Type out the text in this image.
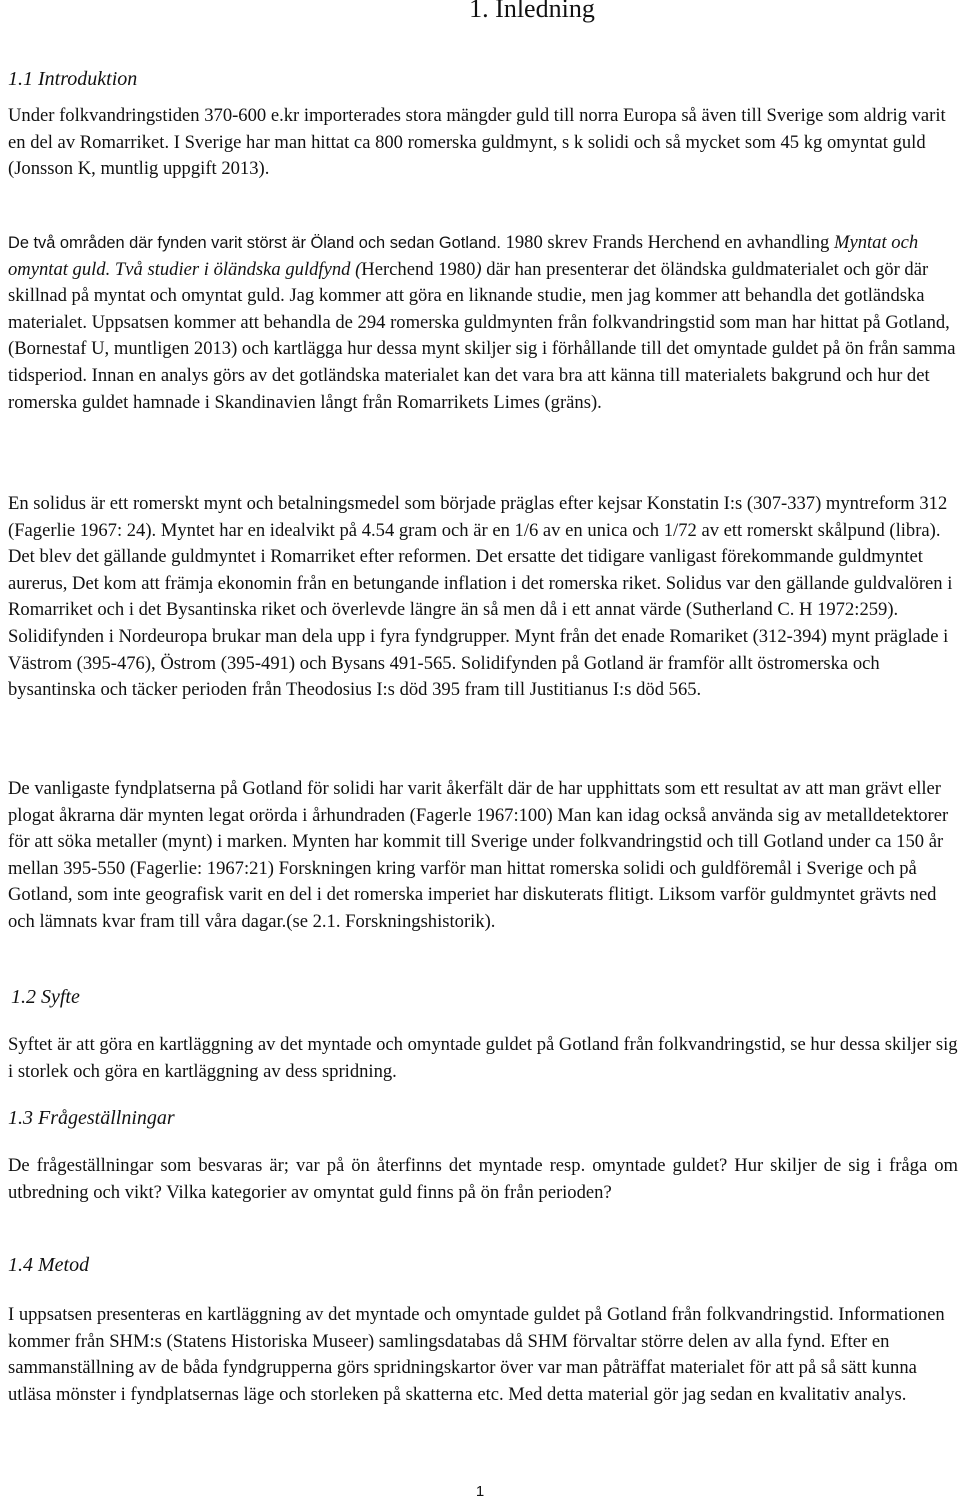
1. Inledning
1.1 Introduktion

Under folkvandringstiden 370-600 e.kr importerades stora mängder guld till norra Europa så även till Sverige som aldrig varit en del av Romarriket. I Sverige har man hittat ca 800 romerska guldmynt, s k solidi och så mycket som 45 kg omyntat guld (Jonsson K, muntlig uppgift 2013).

De två områden där fynden varit störst är Öland och sedan Gotland. 1980 skrev Frands Herchend en avhandling Myntat och omyntat guld. Två studier i öländska guldfynd (Herchend 1980) där han presenterar det öländska guldmaterialet och gör där skillnad på myntat och omyntat guld. Jag kommer att göra en liknande studie, men jag kommer att behandla det gotländska materialet. Uppsatsen kommer att behandla de 294 romerska guldmynten från folkvandringstid som man har hittat på Gotland, (Bornestaf U, muntligen 2013) och kartlägga hur dessa mynt skiljer sig i förhållande till det omyntade guldet på ön från samma tidsperiod. Innan en analys görs av det gotländska materialet kan det vara bra att känna till materialets bakgrund och hur det romerska guldet hamnade i Skandinavien långt från Romarrikets Limes (gräns).

En solidus är ett romerskt mynt och betalningsmedel som började präglas efter kejsar Konstatin I:s (307-337) myntreform 312 (Fagerlie 1967: 24). Myntet har en idealvikt på 4.54 gram och är en 1/6 av en unica och 1/72 av ett romerskt skålpund (libra). Det blev det gällande guldmyntet i Romarriket efter reformen. Det ersatte det tidigare vanligast förekommande guldmyntet aurerus, Det kom att främja ekonomin från en betungande inflation i det romerska riket. Solidus var den gällande guldvalören i Romarriket och i det Bysantinska riket och överlevde längre än så men då i ett annat värde (Sutherland C. H 1972:259). Solidifynden i Nordeuropa brukar man dela upp i fyra fyndgrupper. Mynt från det enade Romariket (312-394) mynt präglade i Västrom (395-476), Östrom (395-491) och Bysans 491-565. Solidifynden på Gotland är framför allt östromerska och bysantinska och täcker perioden från Theodosius I:s död 395 fram till Justitianus I:s död 565.

De vanligaste fyndplatserna på Gotland för solidi har varit åkerfält där de har upphittats som ett resultat av att man grävt eller plogat åkrarna där mynten legat orörda i århundraden (Fagerle 1967:100) Man kan idag också använda sig av metalldetektorer för att söka metaller (mynt) i marken. Mynten har kommit till Sverige under folkvandringstid och till Gotland under ca 150 år mellan 395-550 (Fagerlie: 1967:21) Forskningen kring varför man hittat romerska solidi och guldföremål i Sverige och på Gotland, som inte geografisk varit en del i det romerska imperiet har diskuterats flitigt. Liksom varför guldmyntet grävts ned och lämnats kvar fram till våra dagar.(se 2.1. Forskningshistorik).

1.2 Syfte

Syftet är att göra en kartläggning av det myntade och omyntade guldet på Gotland från folkvandringstid, se hur dessa skiljer sig i storlek och göra en kartläggning av dess spridning.

1.3 Frågeställningar

De frågeställningar som besvaras är; var på ön återfinns det myntade resp. omyntade guldet? Hur skiljer de sig i fråga om utbredning och vikt? Vilka kategorier av omyntat guld finns på ön från perioden?

1.4 Metod

I uppsatsen presenteras en kartläggning av det myntade och omyntade guldet på Gotland från folkvandringstid. Informationen kommer från SHM:s (Statens Historiska Museer) samlingsdatabas då SHM förvaltar större delen av alla fynd. Efter en sammanställning av de båda fyndgrupperna görs spridningskartor över var man påträffat materialet för att på så sätt kunna utläsa mönster i fyndplatsernas läge och storleken på skatterna etc. Med detta material gör jag sedan en kvalitativ analys.

1
